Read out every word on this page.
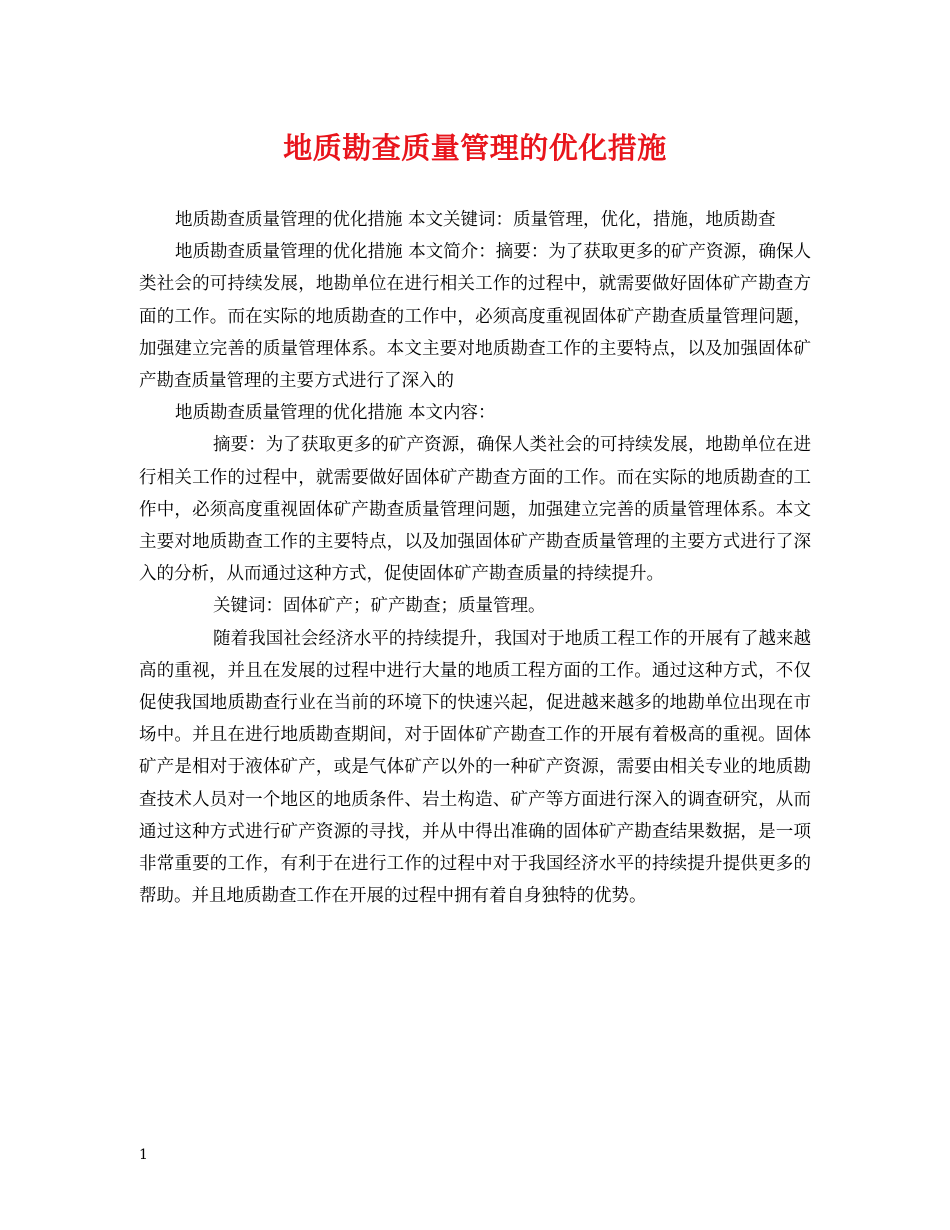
地质勘查质量管理的优化措施

地质勘查质量管理的优化措施 本文关键词：质量管理，优化，措施，地质勘查

地质勘查质量管理的优化措施 本文简介：摘要：为了获取更多的矿产资源，确保人类社会的可持续发展，地勘单位在进行相关工作的过程中，就需要做好固体矿产勘查方面的工作。而在实际的地质勘查的工作中，必须高度重视固体矿产勘查质量管理问题，加强建立完善的质量管理体系。本文主要对地质勘查工作的主要特点，以及加强固体矿产勘查质量管理的主要方式进行了深入的

地质勘查质量管理的优化措施 本文内容：

摘要：为了获取更多的矿产资源，确保人类社会的可持续发展，地勘单位在进行相关工作的过程中，就需要做好固体矿产勘查方面的工作。而在实际的地质勘查的工作中，必须高度重视固体矿产勘查质量管理问题，加强建立完善的质量管理体系。本文主要对地质勘查工作的主要特点，以及加强固体矿产勘查质量管理的主要方式进行了深入的分析，从而通过这种方式，促使固体矿产勘查质量的持续提升。

关键词：固体矿产；矿产勘查；质量管理。

随着我国社会经济水平的持续提升，我国对于地质工程工作的开展有了越来越高的重视，并且在发展的过程中进行大量的地质工程方面的工作。通过这种方式，不仅促使我国地质勘查行业在当前的环境下的快速兴起，促进越来越多的地勘单位出现在市场中。并且在进行地质勘查期间，对于固体矿产勘查工作的开展有着极高的重视。固体矿产是相对于液体矿产，或是气体矿产以外的一种矿产资源，需要由相关专业的地质勘查技术人员对一个地区的地质条件、岩土构造、矿产等方面进行深入的调查研究，从而通过这种方式进行矿产资源的寻找，并从中得出准确的固体矿产勘查结果数据，是一项非常重要的工作，有利于在进行工作的过程中对于我国经济水平的持续提升提供更多的帮助。并且地质勘查工作在开展的过程中拥有着自身独特的优势。

1
